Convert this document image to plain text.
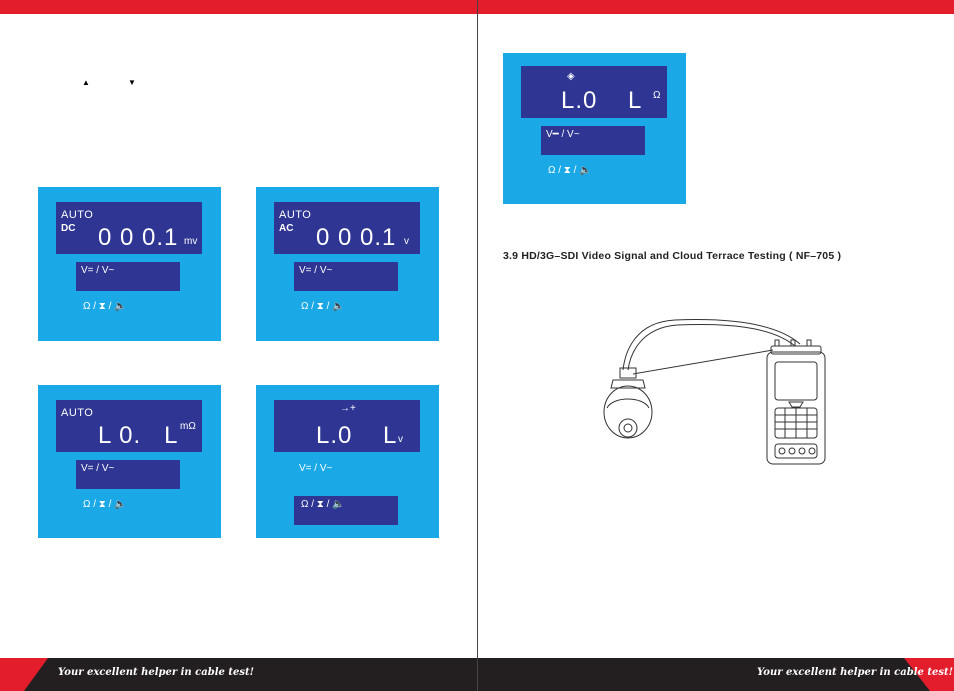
▲	▼
AUTO
DC 0 0 0.1 mv
V= / V~
Ω / ⧗ / 🔈
AUTO
AC 0 0 0.1 v
V= / V~
Ω / ⧗ / 🔈
AUTO
L 0.   L mΩ
V= / V~
Ω / ⧗ / 🔈
→+
L.0    L v
V= / V~
Ω / ⧗ / 🔈
◈
L.0    L Ω
V━ / V~
Ω / ⧗ / 🔈
3.9 HD/3G–SDI Video Signal and Cloud Terrace Testing ( NF–705 )
Your excellent helper in cable test!	Your excellent helper in cable test!
